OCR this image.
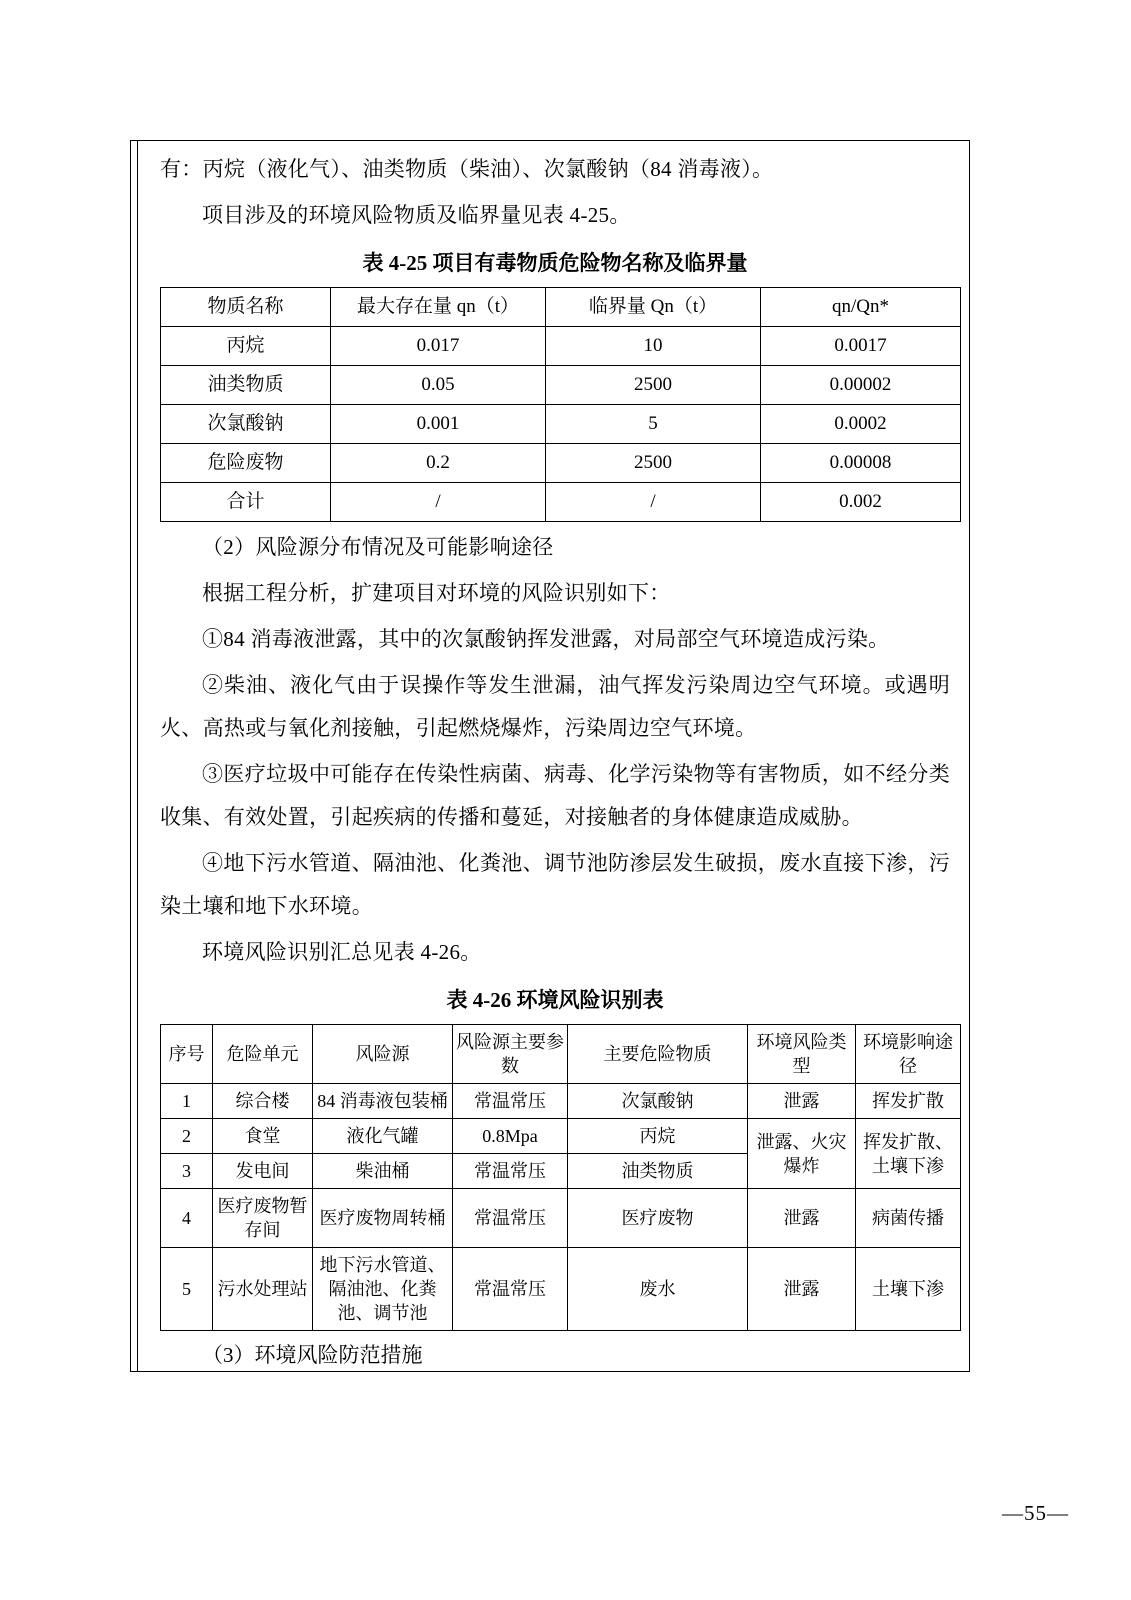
有：丙烷（液化气）、油类物质（柴油）、次氯酸钠（84 消毒液）。

项目涉及的环境风险物质及临界量见表 4-25。

表 4-25 项目有毒物质危险物名称及临界量
物质名称	最大存在量 qn（t）	临界量 Qn（t）	qn/Qn*
丙烷	0.017	10	0.0017
油类物质	0.05	2500	0.00002
次氯酸钠	0.001	5	0.0002
危险废物	0.2	2500	0.00008
合计	/	/	0.002

（2）风险源分布情况及可能影响途径

根据工程分析，扩建项目对环境的风险识别如下：

①84 消毒液泄露，其中的次氯酸钠挥发泄露，对局部空气环境造成污染。

②柴油、液化气由于误操作等发生泄漏，油气挥发污染周边空气环境。或遇明火、高热或与氧化剂接触，引起燃烧爆炸，污染周边空气环境。

③医疗垃圾中可能存在传染性病菌、病毒、化学污染物等有害物质，如不经分类收集、有效处置，引起疾病的传播和蔓延，对接触者的身体健康造成威胁。

④地下污水管道、隔油池、化粪池、调节池防渗层发生破损，废水直接下渗，污染土壤和地下水环境。

环境风险识别汇总见表 4-26。

表 4-26 环境风险识别表
序号	危险单元	风险源	风险源主要参数	主要危险物质	环境风险类型	环境影响途径
1	综合楼	84 消毒液包装桶	常温常压	次氯酸钠	泄露	挥发扩散
2	食堂	液化气罐	0.8Mpa	丙烷	泄露、火灾爆炸	挥发扩散、土壤下渗
3	发电间	柴油桶	常温常压	油类物质		
4	医疗废物暂存间	医疗废物周转桶	常温常压	医疗废物	泄露	病菌传播
5	污水处理站	地下污水管道、隔油池、化粪池、调节池	常温常压	废水	泄露	土壤下渗
（3）环境风险防范措施
—55—
